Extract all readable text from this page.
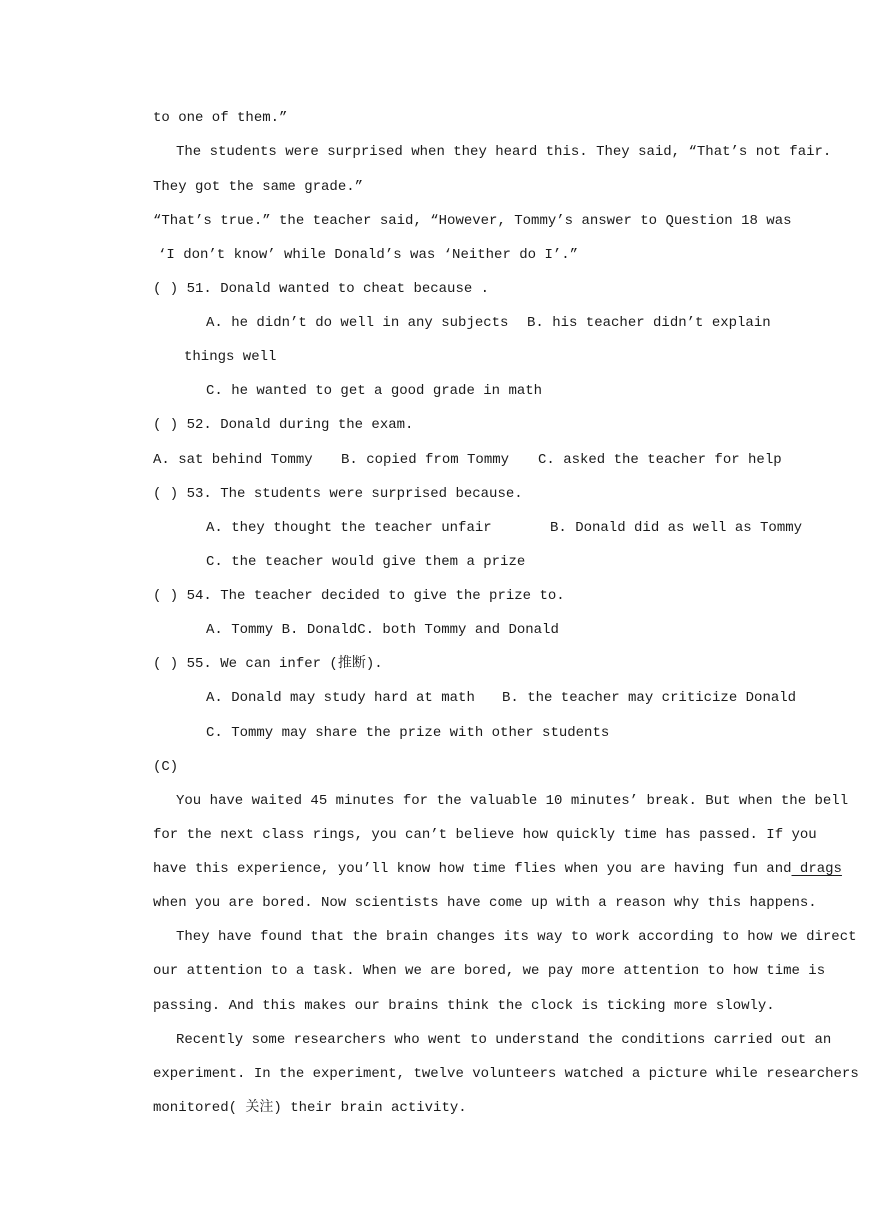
to one of them.”
The students were surprised when they heard this. They said, “That’s not fair.
They got the same grade.”
“That’s true.” the teacher said, “However, Tommy’s answer to Question 18 was
‘I don’t know’ while Donald’s was ‘Neither do I’.”
( ) 51. Donald wanted to cheat because .
A. he didn’t do well in any subjects B. his teacher didn’t explain
things well
C. he wanted to get a good grade in math
( ) 52. Donald during the exam.
A. sat behind Tommy B. copied from Tommy C. asked the teacher for help
( ) 53. The students were surprised because.
A. they thought the teacher unfair	B. Donald did as well as Tommy
C. the teacher would give them a prize
( ) 54. The teacher decided to give the prize to.
A. Tommy B. DonaldC. both Tommy and Donald
( ) 55. We can infer (推断).
A. Donald may study hard at math B. the teacher may criticize Donald
C. Tommy may share the prize with other students
(C)
You have waited 45 minutes for the valuable 10 minutes’ break. But when the bell
for the next class rings, you can’t believe how quickly time has passed. If you
have this experience, you’ll know how time flies when you are having fun and drags
when you are bored. Now scientists have come up with a reason why this happens.
They have found that the brain changes its way to work according to how we direct
our attention to a task. When we are bored, we pay more attention to how time is
passing. And this makes our brains think the clock is ticking more slowly.
Recently some researchers who went to understand the conditions carried out an
experiment. In the experiment, twelve volunteers watched a picture while researchers
monitored( 关注) their brain activity.
